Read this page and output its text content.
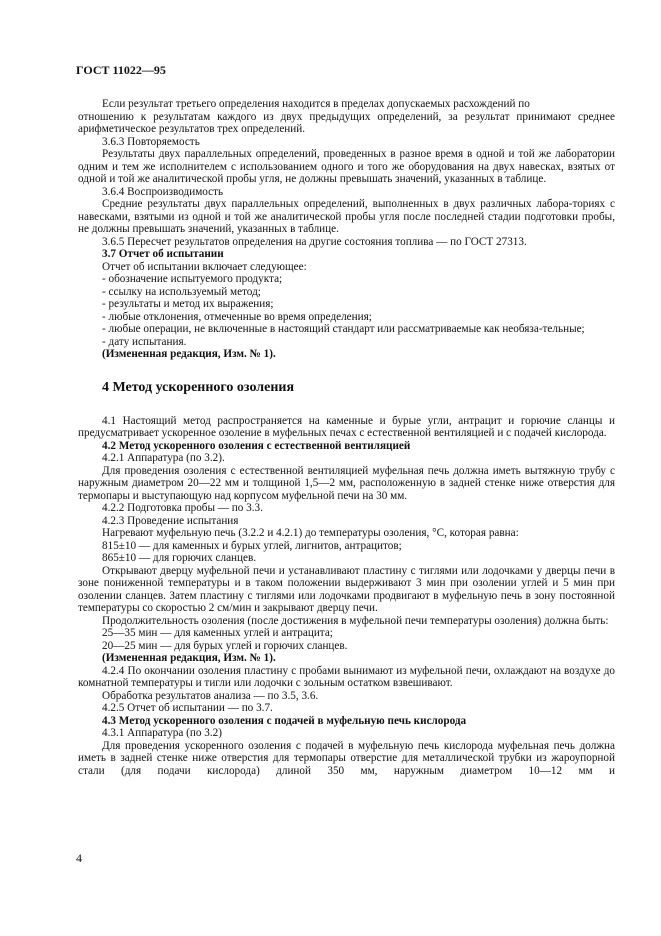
ГОСТ 11022—95

Если результат третьего определения находится в пределах допускаемых расхождений по

отношению к результатам каждого из двух предыдущих определений, за результат принимают среднее арифметическое результатов трех определений.

3.6.3 Повторяемость

Результаты двух параллельных определений, проведенных в разное время в одной и той же лаборатории одним и тем же исполнителем с использованием одного и того же оборудования на двух навесках, взятых от одной и той же аналитической пробы угля, не должны превышать значений, указанных в таблице.

3.6.4 Воспроизводимость

Средние результаты двух параллельных определений, выполненных в двух различных лабора-ториях с навесками, взятыми из одной и той же аналитической пробы угля после последней стадии подготовки пробы, не должны превышать значений, указанных в таблице.

3.6.5 Пересчет результатов определения на другие состояния топлива — по ГОСТ 27313.

3.7 Отчет об испытании

Отчет об испытании включает следующее:

- обозначение испытуемого продукта;

- ссылку на используемый метод;

- результаты и метод их выражения;

- любые отклонения, отмеченные во время определения;

- любые операции, не включенные в настоящий стандарт или рассматриваемые как необяза-тельные;

- дату испытания.

(Измененная редакция, Изм. № 1).

4 Метод ускоренного озоления

4.1 Настоящий метод распространяется на каменные и бурые угли, антрацит и горючие сланцы и предусматривает ускоренное озоление в муфельных печах с естественной вентиляцией и с подачей кислорода.

4.2 Метод ускоренного озоления с естественной вентиляцией

4.2.1 Аппаратура (по 3.2).

Для проведения озоления с естественной вентиляцией муфельная печь должна иметь вытяжную трубу с наружным диаметром 20—22 мм и толщиной 1,5—2 мм, расположенную в задней стенке ниже отверстия для термопары и выступающую над корпусом муфельной печи на 30 мм.

4.2.2 Подготовка пробы — по 3.3.

4.2.3 Проведение испытания

Нагревают муфельную печь (3.2.2 и 4.2.1) до температуры озоления, °С, которая равна:

815±10 — для каменных и бурых углей, лигнитов, антрацитов;

865±10 — для горючих сланцев.

Открывают дверцу муфельной печи и устанавливают пластину с тиглями или лодочками у дверцы печи в зоне пониженной температуры и в таком положении выдерживают 3 мин при озолении углей и 5 мин при озолении сланцев. Затем пластину с тиглями или лодочками продвигают в муфельную печь в зону постоянной температуры со скоростью 2 см/мин и закрывают дверцу печи.

Продолжительность озоления (после достижения в муфельной печи температуры озоления) должна быть:

25—35 мин — для каменных углей и антрацита;

20—25 мин — для бурых углей и горючих сланцев.

(Измененная редакция, Изм. № 1).

4.2.4 По окончании озоления пластину с пробами вынимают из муфельной печи, охлаждают на воздухе до комнатной температуры и тигли или лодочки с зольным остатком взвешивают.

Обработка результатов анализа — по 3.5, 3.6.

4.2.5 Отчет об испытании — по 3.7.

4.3 Метод ускоренного озоления с подачей в муфельную печь кислорода

4.3.1 Аппаратура (по 3.2)

Для проведения ускоренного озоления с подачей в муфельную печь кислорода муфельная печь должна иметь в задней стенке ниже отверстия для термопары отверстие для металлической трубки из жароупорной стали (для подачи кислорода) длиной 350 мм, наружным диаметром 10—12 мм и

4
